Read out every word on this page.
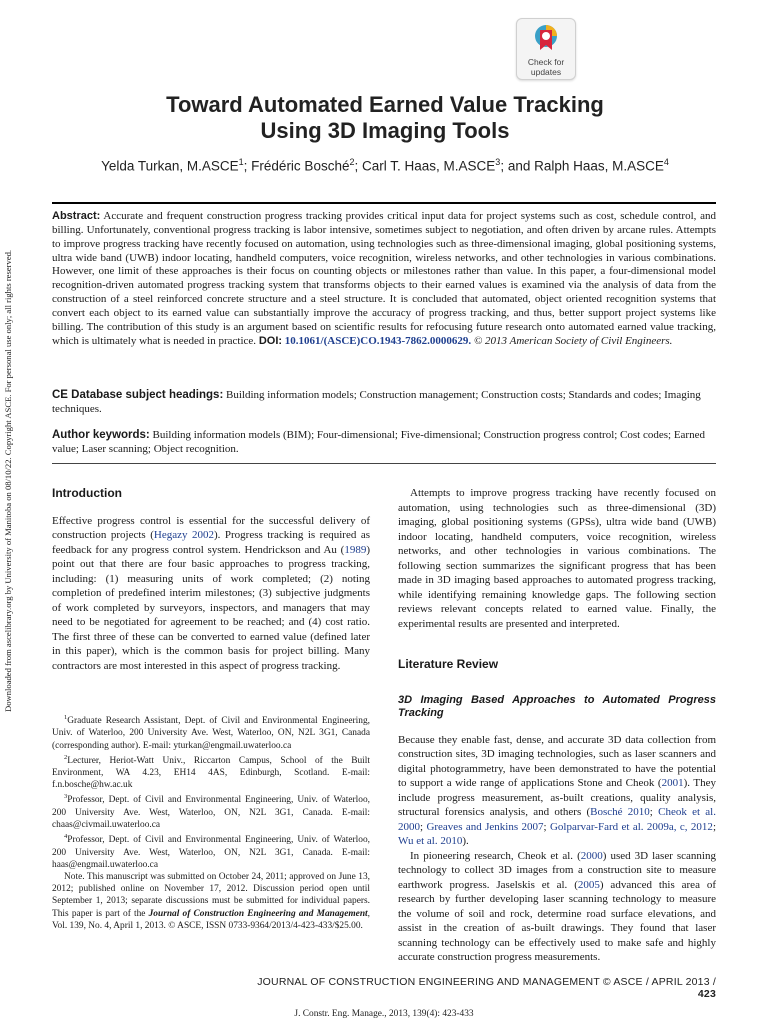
Check for
updates
Toward Automated Earned Value Tracking
Using 3D Imaging Tools
Yelda Turkan, M.ASCE$^1$; Frédéric Bosché$^2$; Carl T. Haas, M.ASCE$^3$; and Ralph Haas, M.ASCE$^4$
Abstract: Accurate and frequent construction progress tracking provides critical input data for project systems such as cost, schedule control, and billing. Unfortunately, conventional progress tracking is labor intensive, sometimes subject to negotiation, and often driven by arcane rules. Attempts to improve progress tracking have recently focused on automation, using technologies such as three-dimensional imaging, global positioning systems, ultra wide band (UWB) indoor locating, handheld computers, voice recognition, wireless networks, and other technologies in various combinations. However, one limit of these approaches is their focus on counting objects or milestones rather than value. In this paper, a four-dimensional model recognition-driven automated progress tracking system that transforms objects to their earned values is examined via the analysis of data from the construction of a steel reinforced concrete structure and a steel structure. It is concluded that automated, object oriented recognition systems that convert each object to its earned value can substantially improve the accuracy of progress tracking, and thus, better support project systems like billing. The contribution of this study is an argument based on scientific results for refocusing future research onto automated earned value tracking, which is ultimately what is needed in practice. DOI: 10.1061/(ASCE)CO.1943-7862.0000629. © 2013 American Society of Civil Engineers.
CE Database subject headings: Building information models; Construction management; Construction costs; Standards and codes; Imaging techniques.
Author keywords: Building information models (BIM); Four-dimensional; Five-dimensional; Construction progress control; Cost codes; Earned value; Laser scanning; Object recognition.
Introduction

Effective progress control is essential for the successful delivery of construction projects (Hegazy 2002). Progress tracking is required as feedback for any progress control system. Hendrickson and Au (1989) point out that there are four basic approaches to progress tracking, including: (1) measuring units of work completed; (2) noting completion of predefined interim milestones; (3) subjective judgments of work completed by surveyors, inspectors, and managers that may need to be negotiated for agreement to be reached; and (4) cost ratio. The first three of these can be converted to earned value (defined later in this paper), which is the common basis for project billing. Many contractors are most interested in this aspect of progress tracking.

$^1$Graduate Research Assistant, Dept. of Civil and Environmental Engineering, Univ. of Waterloo, 200 University Ave. West, Waterloo, ON, N2L 3G1, Canada (corresponding author). E-mail: yturkan@engmail.uwaterloo.ca

$^2$Lecturer, Heriot-Watt Univ., Riccarton Campus, School of the Built Environment, WA 4.23, EH14 4AS, Edinburgh, Scotland. E-mail: f.n.bosche@hw.ac.uk

$^3$Professor, Dept. of Civil and Environmental Engineering, Univ. of Waterloo, 200 University Ave. West, Waterloo, ON, N2L 3G1, Canada. E-mail: chaas@civmail.uwaterloo.ca

$^4$Professor, Dept. of Civil and Environmental Engineering, Univ. of Waterloo, 200 University Ave. West, Waterloo, ON, N2L 3G1, Canada. E-mail: haas@engmail.uwaterloo.ca

Note. This manuscript was submitted on October 24, 2011; approved on June 13, 2012; published online on November 17, 2012. Discussion period open until September 1, 2013; separate discussions must be submitted for individual papers. This paper is part of the Journal of Construction Engineering and Management, Vol. 139, No. 4, April 1, 2013. © ASCE, ISSN 0733-9364/2013/4-423-433/$25.00.

Attempts to improve progress tracking have recently focused on automation, using technologies such as three-dimensional (3D) imaging, global positioning systems (GPSs), ultra wide band (UWB) indoor locating, handheld computers, voice recognition, wireless networks, and other technologies in various combinations. The following section summarizes the significant progress that has been made in 3D imaging based approaches to automated progress tracking, while identifying remaining knowledge gaps. The following section reviews relevant concepts related to earned value. Finally, the experimental results are presented and interpreted.

Literature Review
3D Imaging Based Approaches to Automated Progress Tracking

Because they enable fast, dense, and accurate 3D data collection from construction sites, 3D imaging technologies, such as laser scanners and digital photogrammetry, have been demonstrated to have the potential to support a wide range of applications Stone and Cheok (2001). They include progress measurement, as-built creations, quality analysis, structural forensics analysis, and others (Bosché 2010; Cheok et al. 2000; Greaves and Jenkins 2007; Golparvar-Fard et al. 2009a, c, 2012; Wu et al. 2010).

In pioneering research, Cheok et al. (2000) used 3D laser scanning technology to collect 3D images from a construction site to measure earthwork progress. Jaselskis et al. (2005) advanced this area of research by further developing laser scanning technology to measure the volume of soil and rock, determine road surface elevations, and assist in the creation of as-built drawings. They found that laser scanning technology can be effectively used to make safe and highly accurate construction progress measurements.

Downloaded from ascelibrary.org by University of Manitoba on 08/10/22. Copyright ASCE. For personal use only; all rights reserved.
JOURNAL OF CONSTRUCTION ENGINEERING AND MANAGEMENT © ASCE / APRIL 2013 / 423
J. Constr. Eng. Manage., 2013, 139(4): 423-433
